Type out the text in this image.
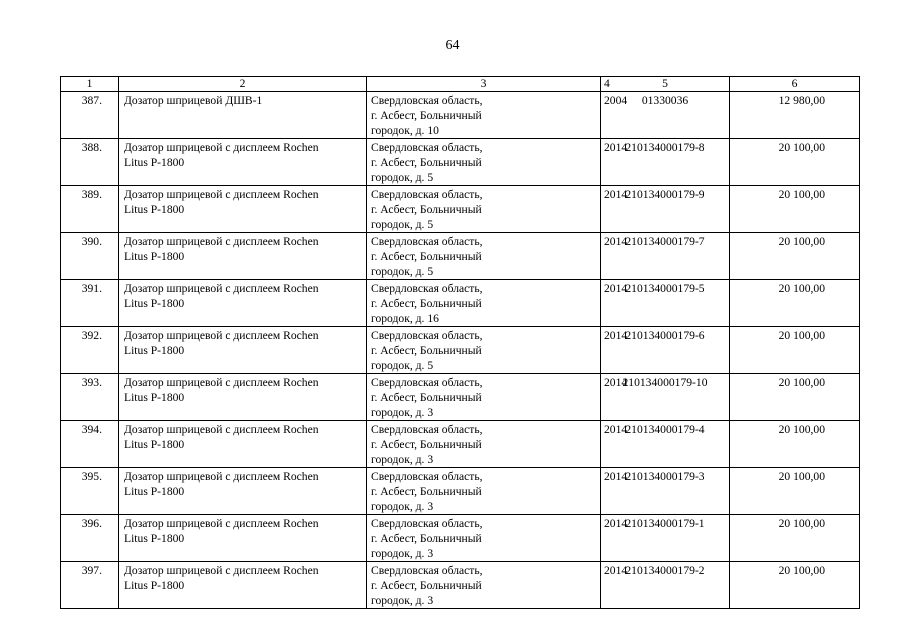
64
1	2	3	4	5	6
387.	Дозатор шприцевой ДШВ-1	Свердловская область,
г. Асбест, Больничный
городок, д. 10	2004	01330036	12 980,00
388.	Дозатор шприцевой с дисплеем Rochen
Litus P-1800	Свердловская область,
г. Асбест, Больничный
городок, д. 5	2014	210134000179-8	20 100,00
389.	Дозатор шприцевой с дисплеем Rochen
Litus P-1800	Свердловская область,
г. Асбест, Больничный
городок, д. 5	2014	210134000179-9	20 100,00
390.	Дозатор шприцевой с дисплеем Rochen
Litus P-1800	Свердловская область,
г. Асбест, Больничный
городок, д. 5	2014	210134000179-7	20 100,00
391.	Дозатор шприцевой с дисплеем Rochen
Litus P-1800	Свердловская область,
г. Асбест, Больничный
городок, д. 16	2014	210134000179-5	20 100,00
392.	Дозатор шприцевой с дисплеем Rochen
Litus P-1800	Свердловская область,
г. Асбест, Больничный
городок, д. 5	2014	210134000179-6	20 100,00
393.	Дозатор шприцевой с дисплеем Rochen
Litus P-1800	Свердловская область,
г. Асбест, Больничный
городок, д. 3	2014	210134000179-10	20 100,00
394.	Дозатор шприцевой с дисплеем Rochen
Litus P-1800	Свердловская область,
г. Асбест, Больничный
городок, д. 3	2014	210134000179-4	20 100,00
395.	Дозатор шприцевой с дисплеем Rochen
Litus P-1800	Свердловская область,
г. Асбест, Больничный
городок, д. 3	2014	210134000179-3	20 100,00
396.	Дозатор шприцевой с дисплеем Rochen
Litus P-1800	Свердловская область,
г. Асбест, Больничный
городок, д. 3	2014	210134000179-1	20 100,00
397.	Дозатор шприцевой с дисплеем Rochen
Litus P-1800	Свердловская область,
г. Асбест, Больничный
городок, д. 3	2014	210134000179-2	20 100,00
